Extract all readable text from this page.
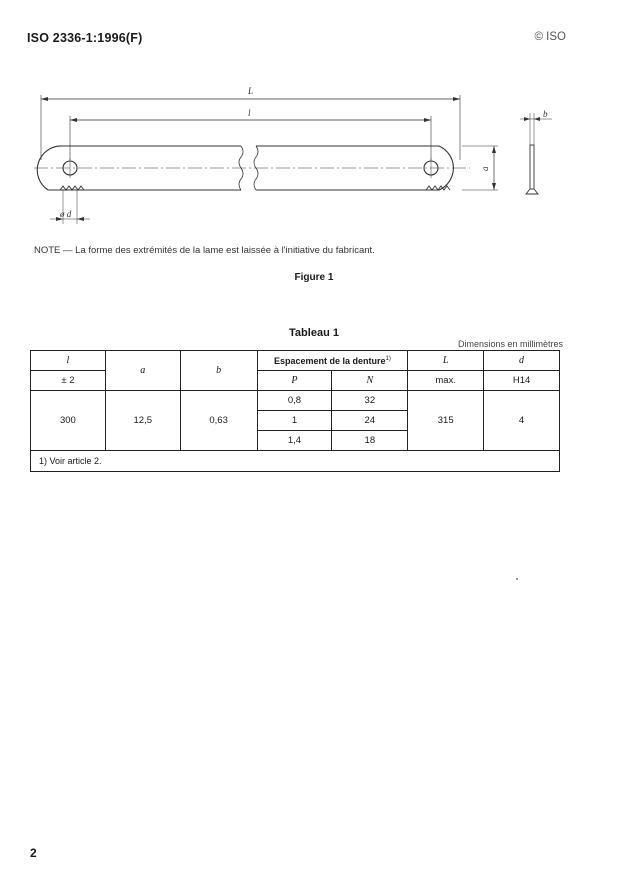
ISO 2336-1:1996(F)	© ISO
L
l
a
b
ø d
NOTE — La forme des extrémités de la lame est laissée à l'initiative du fabricant.
Figure 1
Tableau 1
Dimensions en millimètres
l	a	b	Espacement de la denture$^{1)}$		L	d
± 2			P	N	max.	H14
300	12,5	0,63	0,8	32	315	4
			1	24		
			1,4	18		
1) Voir article 2.						
2
